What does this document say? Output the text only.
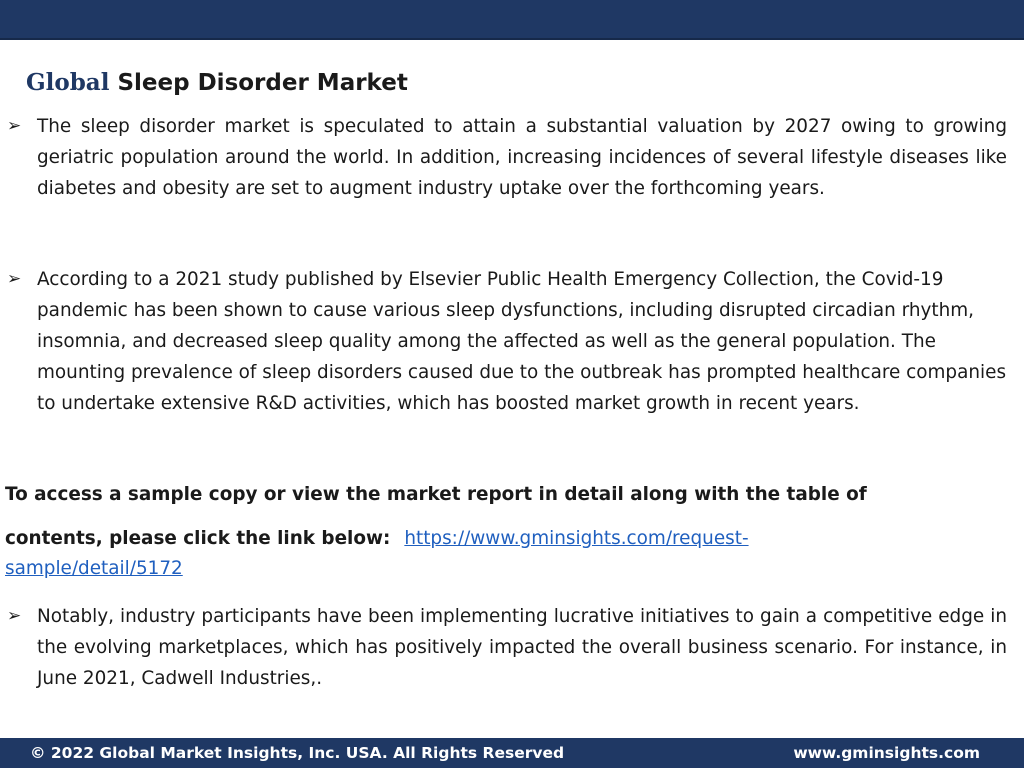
Global Sleep Disorder Market
➢ The sleep disorder market is speculated to attain a substantial valuation by 2027 owing to growing geriatric population around the world. In addition, increasing incidences of several lifestyle diseases like diabetes and obesity are set to augment industry uptake over the forthcoming years.
➢ According to a 2021 study published by Elsevier Public Health Emergency Collection, the Covid-19 pandemic has been shown to cause various sleep dysfunctions, including disrupted circadian rhythm, insomnia, and decreased sleep quality among the affected as well as the general population. The mounting prevalence of sleep disorders caused due to the outbreak has prompted healthcare companies to undertake extensive R&D activities, which has boosted market growth in recent years.
To access a sample copy or view the market report in detail along with the table of
contents, please click the link below: https://www.gminsights.com/request-
sample/detail/5172
➢ Notably, industry participants have been implementing lucrative initiatives to gain a competitive edge in the evolving marketplaces, which has positively impacted the overall business scenario. For instance, in June 2021, Cadwell Industries,.
© 2022 Global Market Insights, Inc. USA. All Rights Reserved	www.gminsights.com
